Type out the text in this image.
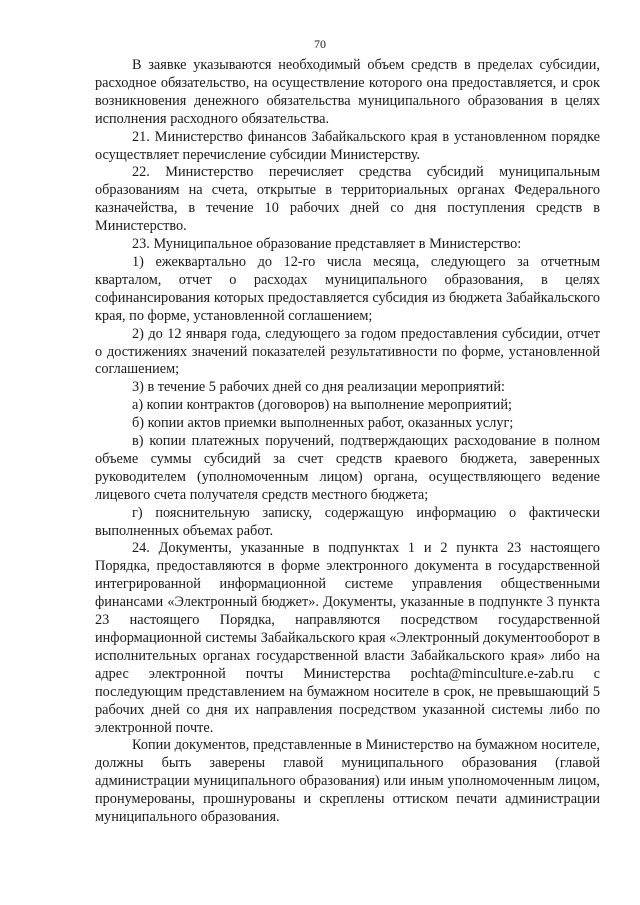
70

В заявке указываются необходимый объем средств в пределах субсидии, расходное обязательство, на осуществление которого она предоставляется, и срок возникновения денежного обязательства муниципального образования в целях исполнения расходного обязательства.

21. Министерство финансов Забайкальского края в установленном порядке осуществляет перечисление субсидии Министерству.

22. Министерство перечисляет средства субсидий муниципальным образованиям на счета, открытые в территориальных органах Федерального казначейства, в течение 10 рабочих дней со дня поступления средств в Министерство.

23. Муниципальное образование представляет в Министерство:

1) ежеквартально до 12-го числа месяца, следующего за отчетным кварталом, отчет о расходах муниципального образования, в целях софинансирования которых предоставляется субсидия из бюджета Забайкальского края, по форме, установленной соглашением;

2) до 12 января года, следующего за годом предоставления субсидии, отчет о достижениях значений показателей результативности по форме, установленной соглашением;

3) в течение 5 рабочих дней со дня реализации мероприятий:

а) копии контрактов (договоров) на выполнение мероприятий;

б) копии актов приемки выполненных работ, оказанных услуг;

в) копии платежных поручений, подтверждающих расходование в полном объеме суммы субсидий за счет средств краевого бюджета, заверенных руководителем (уполномоченным лицом) органа, осуществляющего ведение лицевого счета получателя средств местного бюджета;

г) пояснительную записку, содержащую информацию о фактически выполненных объемах работ.

24. Документы, указанные в подпунктах 1 и 2 пункта 23 настоящего Порядка, предоставляются в форме электронного документа в государственной интегрированной информационной системе управления общественными финансами «Электронный бюджет». Документы, указанные в подпункте 3 пункта 23 настоящего Порядка, направляются посредством государственной информационной системы Забайкальского края «Электронный документооборот в исполнительных органах государственной власти Забайкальского края» либо на адрес электронной почты Министерства pochta@minculture.e-zab.ru с последующим представлением на бумажном носителе в срок, не превышающий 5 рабочих дней со дня их направления посредством указанной системы либо по электронной почте.

Копии документов, представленные в Министерство на бумажном носителе, должны быть заверены главой муниципального образования (главой администрации муниципального образования) или иным уполномоченным лицом, пронумерованы, прошнурованы и скреплены оттиском печати администрации муниципального образования.
